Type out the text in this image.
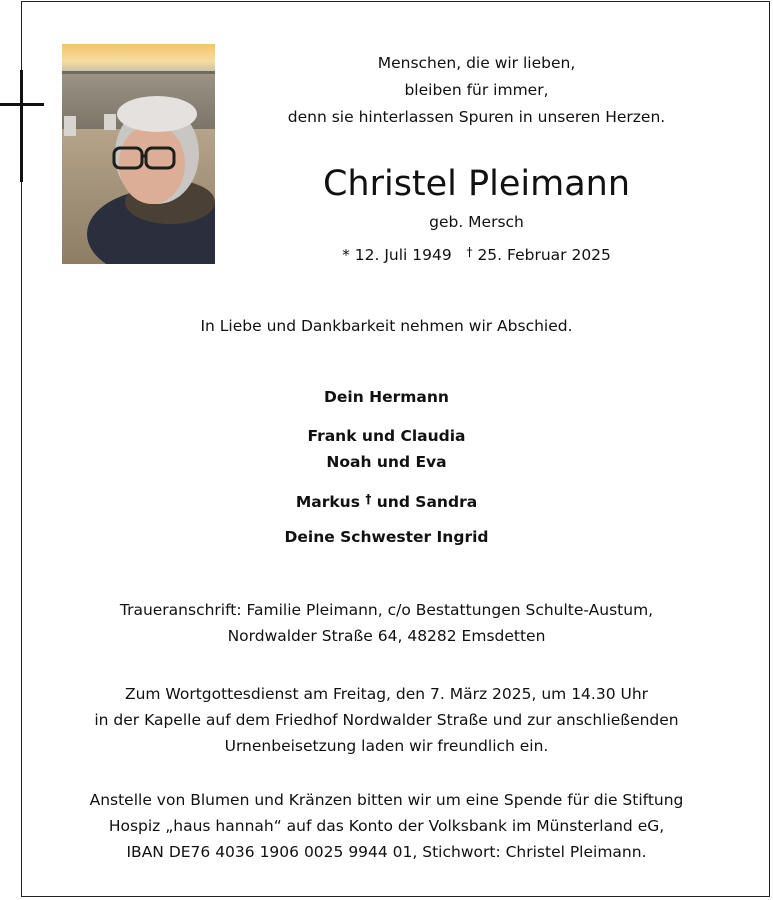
Menschen, die wir lieben,
bleiben für immer,
denn sie hinterlassen Spuren in unseren Herzen.
Christel Pleimann
geb. Mersch
* 12. Juli 1949 † 25. Februar 2025
In Liebe und Dankbarkeit nehmen wir Abschied.
Dein Hermann
Frank und Claudia
Noah und Eva
Markus † und Sandra
Deine Schwester Ingrid
Traueranschrift: Familie Pleimann, c/o Bestattungen Schulte-Austum,
Nordwalder Straße 64, 48282 Emsdetten
Zum Wortgottesdienst am Freitag, den 7. März 2025, um 14.30 Uhr
in der Kapelle auf dem Friedhof Nordwalder Straße und zur anschließenden
Urnenbeisetzung laden wir freundlich ein.
Anstelle von Blumen und Kränzen bitten wir um eine Spende für die Stiftung
Hospiz „haus hannah“ auf das Konto der Volksbank im Münsterland eG,
IBAN DE76 4036 1906 0025 9944 01, Stichwort: Christel Pleimann.
